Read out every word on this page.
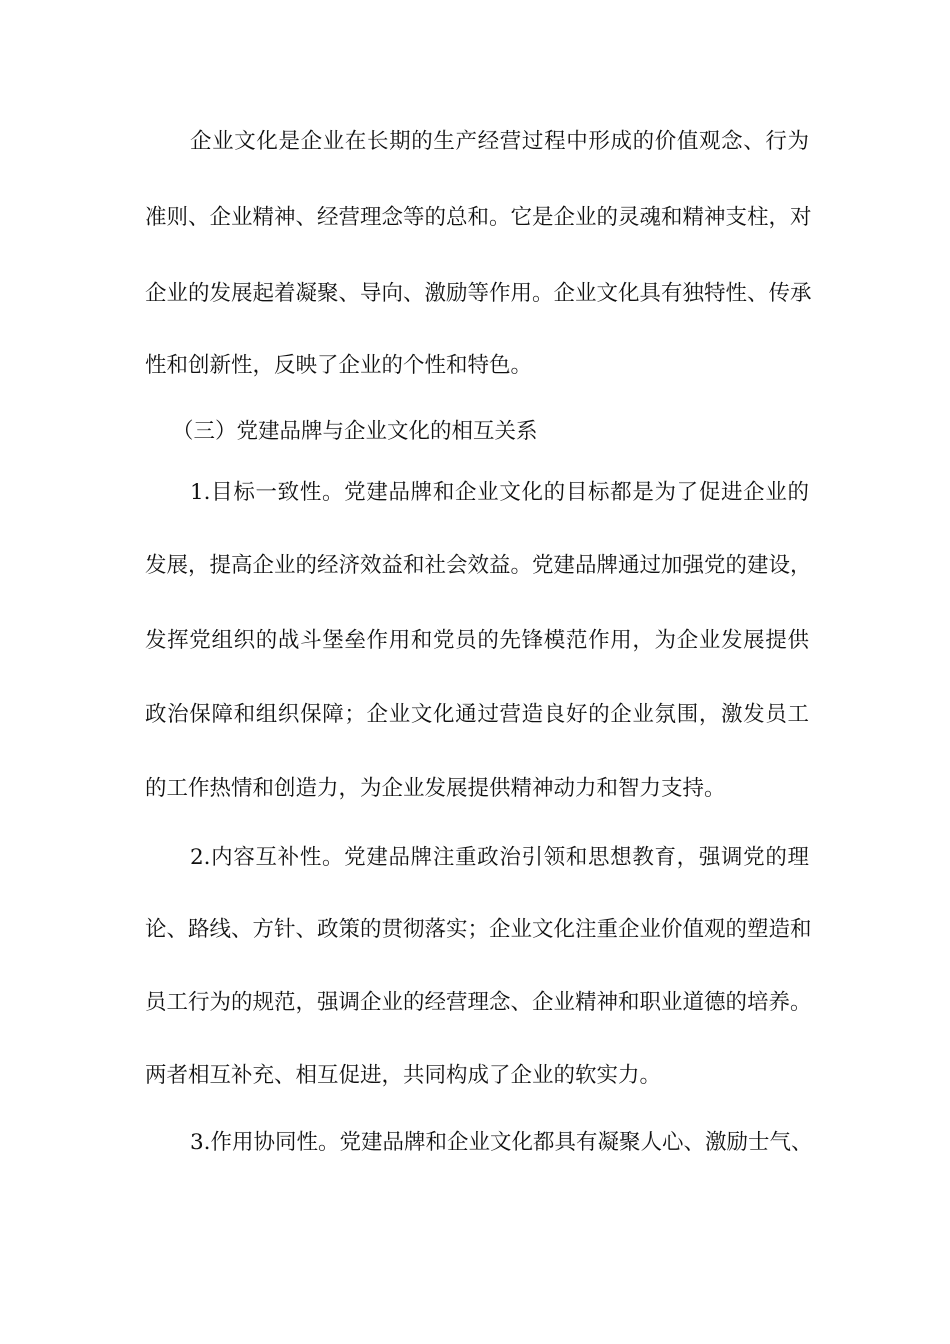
企业文化是企业在长期的生产经营过程中形成的价值观念、行为
准则、企业精神、经营理念等的总和。它是企业的灵魂和精神支柱，对
企业的发展起着凝聚、导向、激励等作用。企业文化具有独特性、传承
性和创新性，反映了企业的个性和特色。
（三）党建品牌与企业文化的相互关系
1.目标一致性。党建品牌和企业文化的目标都是为了促进企业的
发展，提高企业的经济效益和社会效益。党建品牌通过加强党的建设，
发挥党组织的战斗堡垒作用和党员的先锋模范作用，为企业发展提供
政治保障和组织保障；企业文化通过营造良好的企业氛围，激发员工
的工作热情和创造力，为企业发展提供精神动力和智力支持。
2.内容互补性。党建品牌注重政治引领和思想教育，强调党的理
论、路线、方针、政策的贯彻落实；企业文化注重企业价值观的塑造和
员工行为的规范，强调企业的经营理念、企业精神和职业道德的培养。
两者相互补充、相互促进，共同构成了企业的软实力。
3.作用协同性。党建品牌和企业文化都具有凝聚人心、激励士气、
